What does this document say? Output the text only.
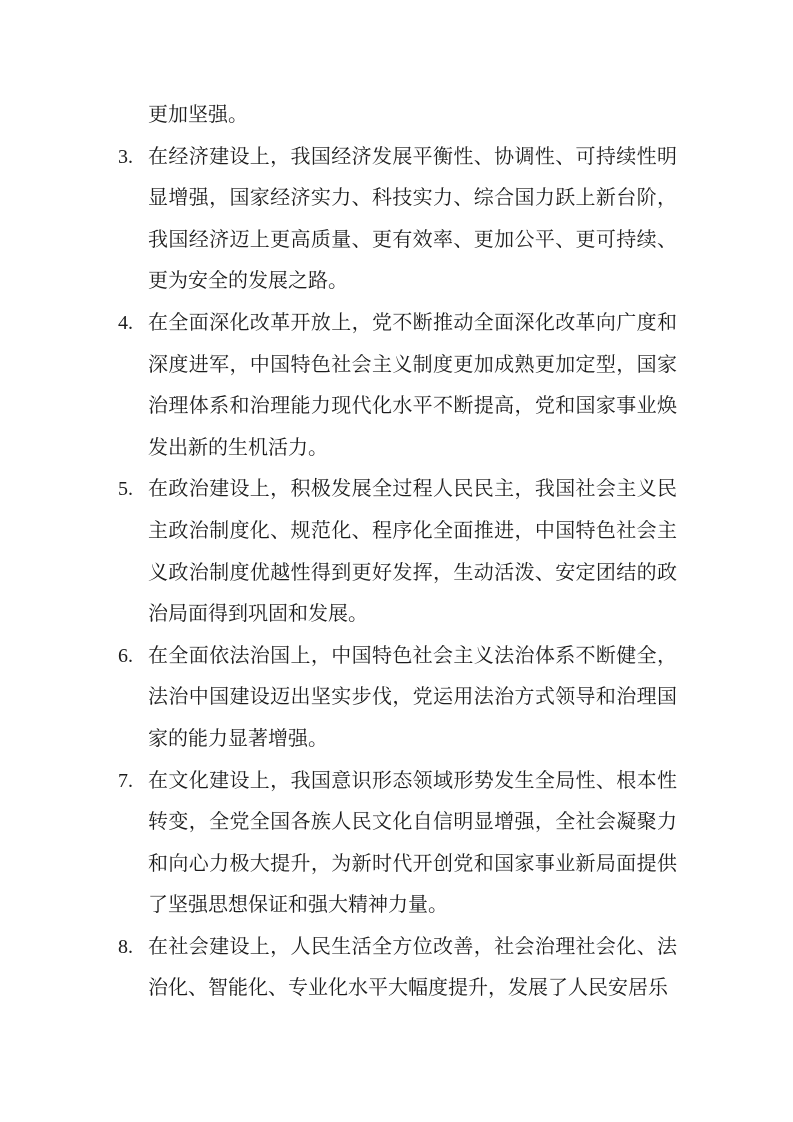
更加坚强。

3. 在经济建设上，我国经济发展平衡性、协调性、可持续性明显增强，国家经济实力、科技实力、综合国力跃上新台阶，我国经济迈上更高质量、更有效率、更加公平、更可持续、更为安全的发展之路。
4. 在全面深化改革开放上，党不断推动全面深化改革向广度和深度进军，中国特色社会主义制度更加成熟更加定型，国家治理体系和治理能力现代化水平不断提高，党和国家事业焕发出新的生机活力。
5. 在政治建设上，积极发展全过程人民民主，我国社会主义民主政治制度化、规范化、程序化全面推进，中国特色社会主义政治制度优越性得到更好发挥，生动活泼、安定团结的政治局面得到巩固和发展。
6. 在全面依法治国上，中国特色社会主义法治体系不断健全，法治中国建设迈出坚实步伐，党运用法治方式领导和治理国家的能力显著增强。
7. 在文化建设上，我国意识形态领域形势发生全局性、根本性转变，全党全国各族人民文化自信明显增强，全社会凝聚力和向心力极大提升，为新时代开创党和国家事业新局面提供了坚强思想保证和强大精神力量。
8. 在社会建设上，人民生活全方位改善，社会治理社会化、法治化、智能化、专业化水平大幅度提升，发展了人民安居乐
